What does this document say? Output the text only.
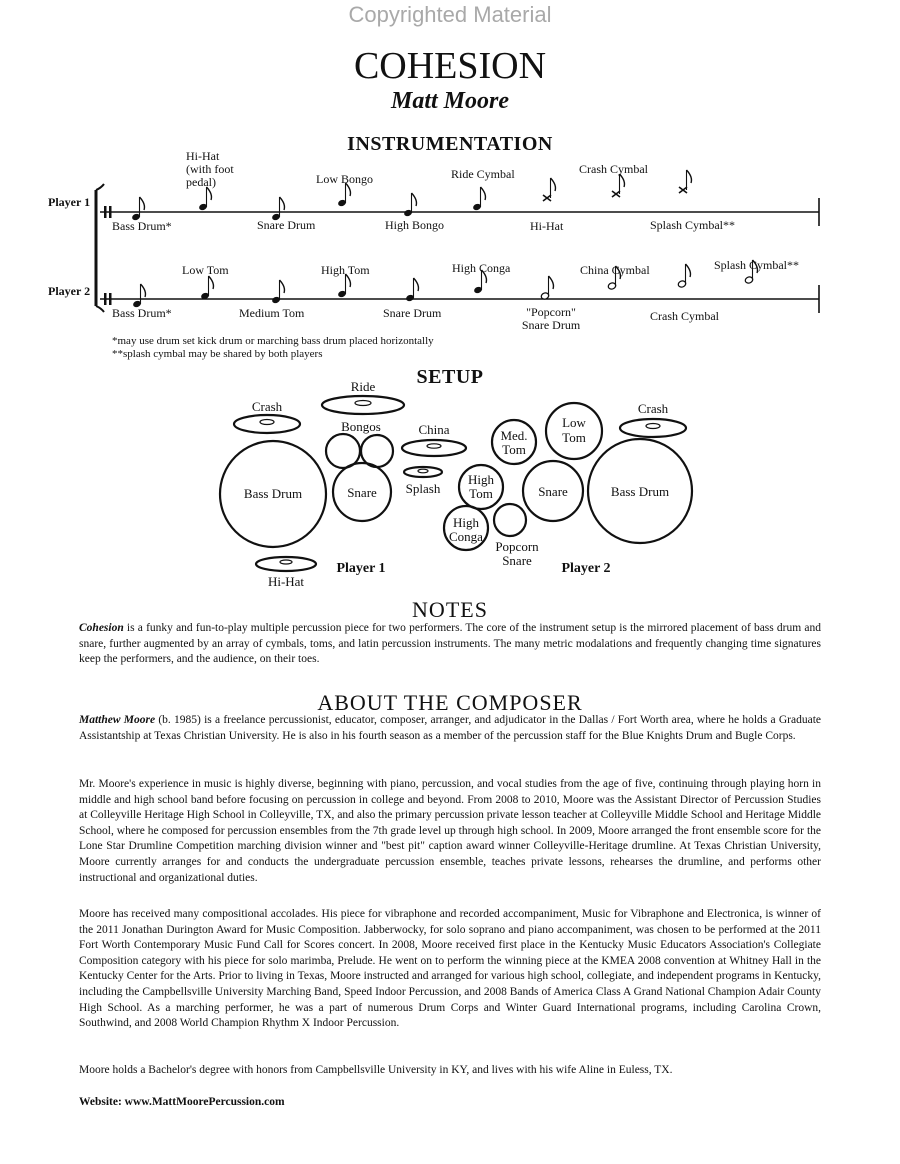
Copyrighted Material
COHESION
Matt Moore
INSTRUMENTATION
Player 1
Player 2
Hi-Hat
(with foot
pedal)	Low Bongo	Ride Cymbal	Crash Cymbal
Bass Drum*	Snare Drum	High Bongo	Hi-Hat	Splash Cymbal**
Low Tom	High Tom	High Conga	China Cymbal	Splash Cymbal**
Bass Drum*	Medium Tom	Snare Drum	"Popcorn"
Snare Drum
Crash Cymbal
*may use drum set kick drum or marching bass drum placed horizontally
**splash cymbal may be shared by both players
SETUP
Ride
Crash
Bongos	China
Bass Drum	Snare Splash
Hi-Hat
Player 1
Med. Tom
Low Tom
Crash
High Tom	Snare	Bass Drum
High Conga
Popcorn Snare
Player 2
NOTES

Cohesion is a funky and fun-to-play multiple percussion piece for two performers. The core of the instrument setup is the mirrored placement of bass drum and snare, further augmented by an array of cymbals, toms, and latin percussion instruments. The many metric modalations and frequently changing time signatures keep the performers, and the audience, on their toes.

ABOUT THE COMPOSER

Matthew Moore (b. 1985) is a freelance percussionist, educator, composer, arranger, and adjudicator in the Dallas / Fort Worth area, where he holds a Graduate Assistantship at Texas Christian University. He is also in his fourth season as a member of the percussion staff for the Blue Knights Drum and Bugle Corps.

Mr. Moore's experience in music is highly diverse, beginning with piano, percussion, and vocal studies from the age of five, continuing through playing horn in middle and high school band before focusing on percussion in college and beyond. From 2008 to 2010, Moore was the Assistant Director of Percussion Studies at Colleyville Heritage High School in Colleyville, TX, and also the primary percussion private lesson teacher at Colleyville Middle School and Heritage Middle School, where he composed for percussion ensembles from the 7th grade level up through high school. In 2009, Moore arranged the front ensemble score for the Lone Star Drumline Competition marching division winner and "best pit" caption award winner Colleyville-Heritage drumline. At Texas Christian University, Moore currently arranges for and conducts the undergraduate percussion ensemble, teaches private lessons, rehearses the drumline, and performs other instructional and organizational duties.

Moore has received many compositional accolades. His piece for vibraphone and recorded accompaniment, Music for Vibraphone and Electronica, is winner of the 2011 Jonathan Durington Award for Music Composition. Jabberwocky, for solo soprano and piano accompaniment, was chosen to be performed at the 2011 Fort Worth Contemporary Music Fund Call for Scores concert. In 2008, Moore received first place in the Kentucky Music Educators Association's Collegiate Composition category with his piece for solo marimba, Prelude. He went on to perform the winning piece at the KMEA 2008 convention at Whitney Hall in the Kentucky Center for the Arts. Prior to living in Texas, Moore instructed and arranged for various high school, collegiate, and independent programs in Kentucky, including the Campbellsville University Marching Band, Speed Indoor Percussion, and 2008 Bands of America Class A Grand National Champion Adair County High School. As a marching performer, he was a part of numerous Drum Corps and Winter Guard International programs, including Carolina Crown, Southwind, and 2008 World Champion Rhythm X Indoor Percussion.

Moore holds a Bachelor's degree with honors from Campbellsville University in KY, and lives with his wife Aline in Euless, TX.

Website: www.MattMoorePercussion.com
